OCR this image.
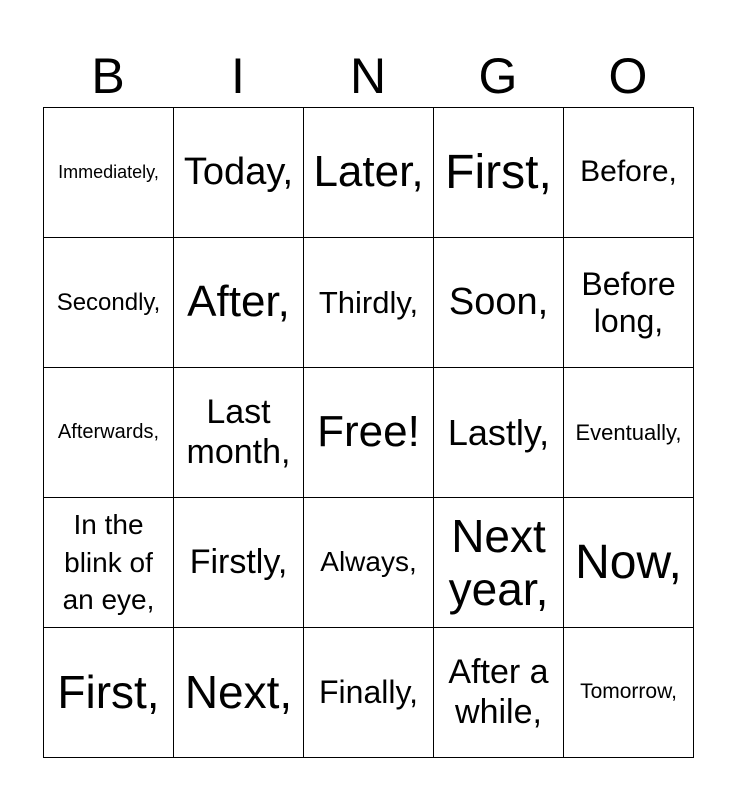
B	I	N	G	O
Immediately,	Today,	Later,	First,	Before,
Secondly,	After,	Thirdly,	Soon,	Before long,
Afterwards,	Last month,	Free!	Lastly,	Eventually,
In the blink of an eye,	Firstly,	Always,	Next year,	Now,
First,	Next,	Finally,	After a while,	Tomorrow,
